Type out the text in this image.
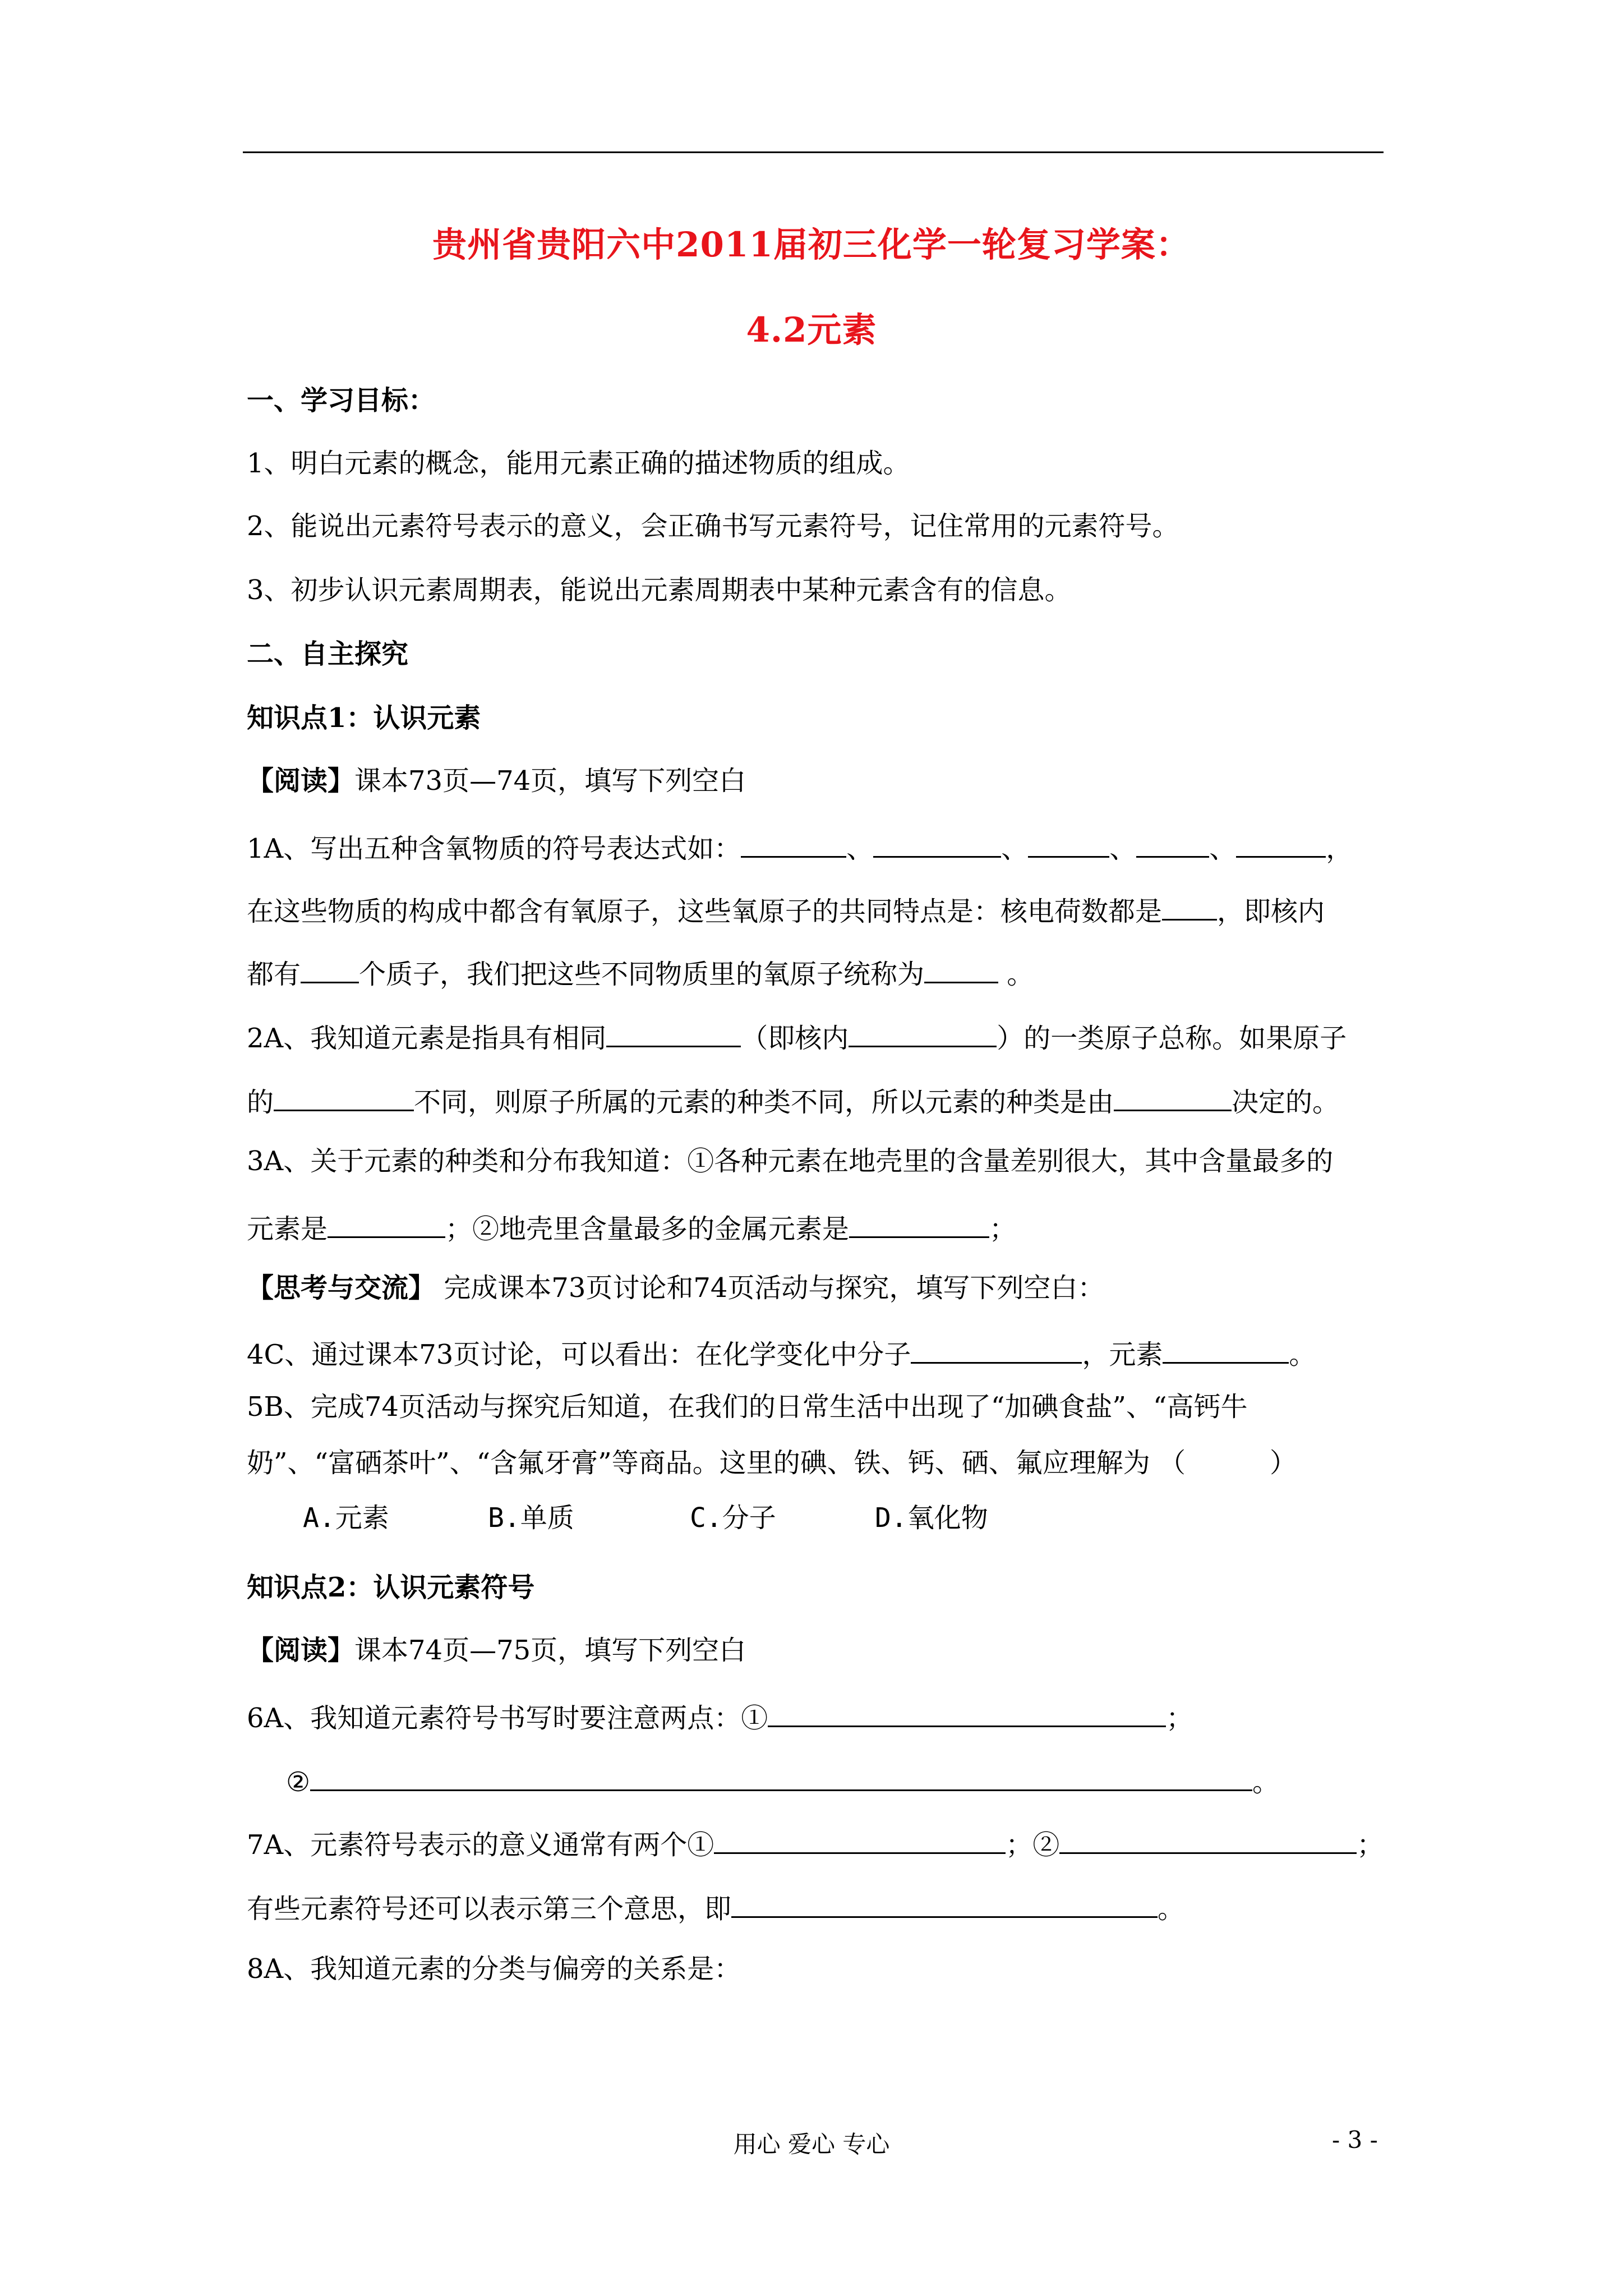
贵州省贵阳六中2011届初三化学一轮复习学案：
4.2元素
一、学习目标：
1、明白元素的概念，能用元素正确的描述物质的组成。
2、能说出元素符号表示的意义，会正确书写元素符号，记住常用的元素符号。
3、初步认识元素周期表，能说出元素周期表中某种元素含有的信息。
二、自主探究
知识点1：认识元素
【阅读】课本73页—74页，填写下列空白
1A、写出五种含氧物质的符号表达式如：	、	、	、	、	，
在这些物质的构成中都含有氧原子，这些氧原子的共同特点是：核电荷数都是 ，即核内
都有 个质子，我们把这些不同物质里的氧原子统称为	。
2A、我知道元素是指具有相同	（即核内	）的一类原子总称。如果原子
的	不同，则原子所属的元素的种类不同，所以元素的种类是由	决定的。
3A、关于元素的种类和分布我知道：①各种元素在地壳里的含量差别很大，其中含量最多的
元素是	；②地壳里含量最多的金属元素是	；
【思考与交流】 完成课本73页讨论和74页活动与探究，填写下列空白：
4C、通过课本73页讨论，可以看出：在化学变化中分子	，元素	。
5B、完成74页活动与探究后知道，在我们的日常生活中出现了“加碘食盐”、“高钙牛
奶”、“富硒茶叶”、“含氟牙膏”等商品。这里的碘、铁、钙、硒、氟应理解为 （	）
A.元素	B.单质	C.分子	D.氧化物
知识点2：认识元素符号
【阅读】课本74页—75页，填写下列空白
6A、我知道元素符号书写时要注意两点：①	；
②	。
7A、元素符号表示的意义通常有两个①	；②	；
有些元素符号还可以表示第三个意思，即	。
8A、我知道元素的分类与偏旁的关系是：
用心 爱心 专心	- 3 -
